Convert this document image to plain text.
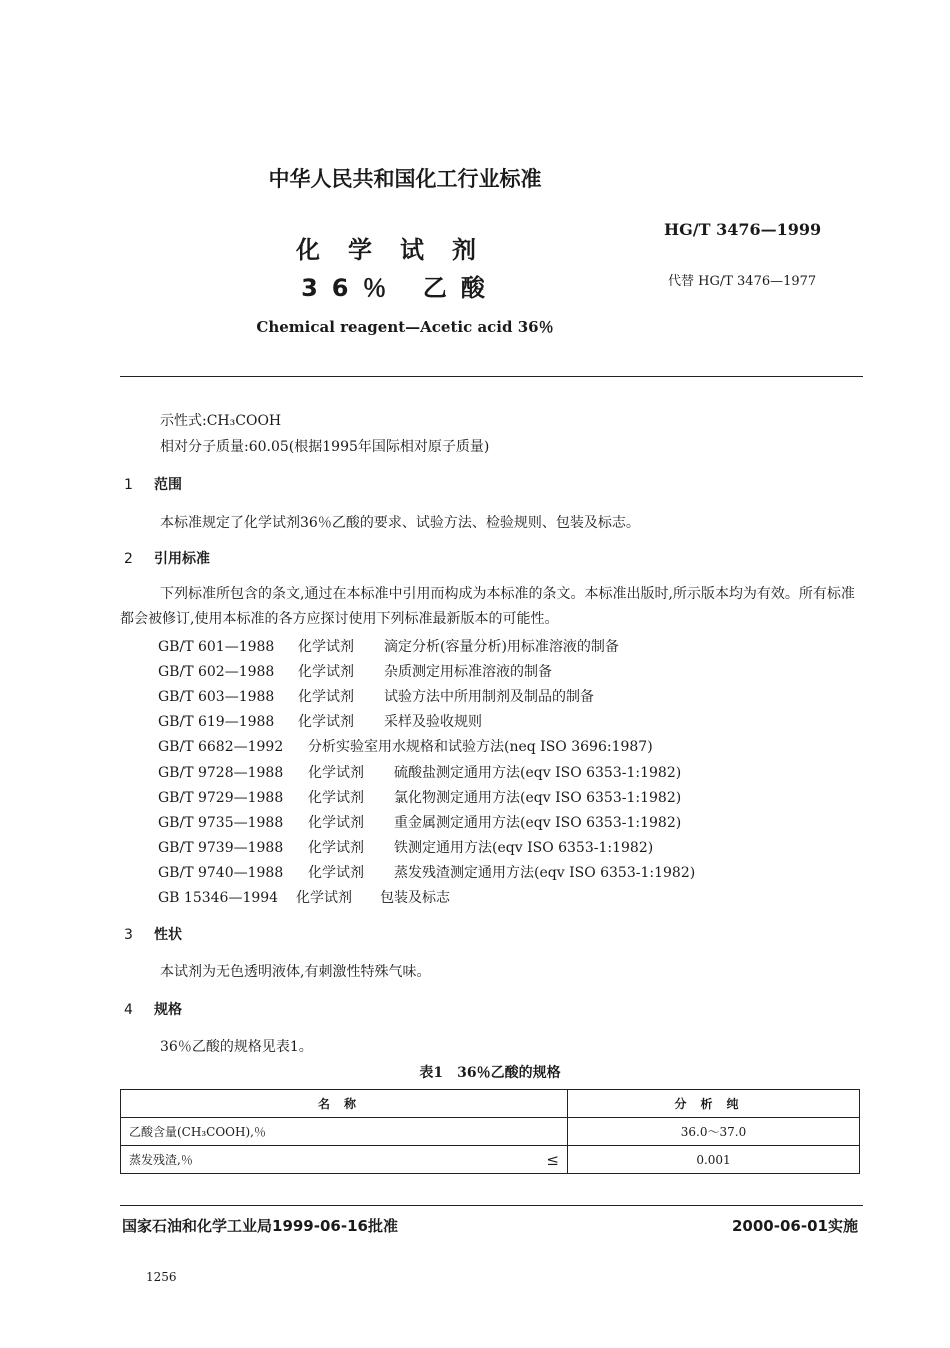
中华人民共和国化工行业标准
化学试剂
36％ 乙酸
Chemical reagent—Acetic acid 36％
HG/T 3476—1999
代替 HG/T 3476—1977
示性式:CH₃COOH
相对分子质量:60.05(根据1995年国际相对原子质量)
1 范围
本标准规定了化学试剂36％乙酸的要求、试验方法、检验规则、包装及标志。
2 引用标准
下列标准所包含的条文,通过在本标准中引用而构成为本标准的条文。本标准出版时,所示版本均为有效。所有标准都会被修订,使用本标准的各方应探讨使用下列标准最新版本的可能性。
GB/T 601—1988 化学试剂 滴定分析(容量分析)用标准溶液的制备
GB/T 602—1988 化学试剂 杂质测定用标准溶液的制备
GB/T 603—1988 化学试剂 试验方法中所用制剂及制品的制备
GB/T 619—1988 化学试剂 采样及验收规则
GB/T 6682—1992 分析实验室用水规格和试验方法(neq ISO 3696:1987)
GB/T 9728—1988 化学试剂 硫酸盐测定通用方法(eqv ISO 6353-1:1982)
GB/T 9729—1988 化学试剂 氯化物测定通用方法(eqv ISO 6353-1:1982)
GB/T 9735—1988 化学试剂 重金属测定通用方法(eqv ISO 6353-1:1982)
GB/T 9739—1988 化学试剂 铁测定通用方法(eqv ISO 6353-1:1982)
GB/T 9740—1988 化学试剂 蒸发残渣测定通用方法(eqv ISO 6353-1:1982)
GB 15346—1994 化学试剂 包装及标志
3 性状
本试剂为无色透明液体,有刺激性特殊气味。
4 规格
36％乙酸的规格见表1。
表1　36％乙酸的规格
名称		分析纯
乙酸含量(CH₃COOH),％		36.0～37.0
蒸发残渣,％	≤	0.001
国家石油和化学工业局1999-06-16批准	2000-06-01实施
1256
